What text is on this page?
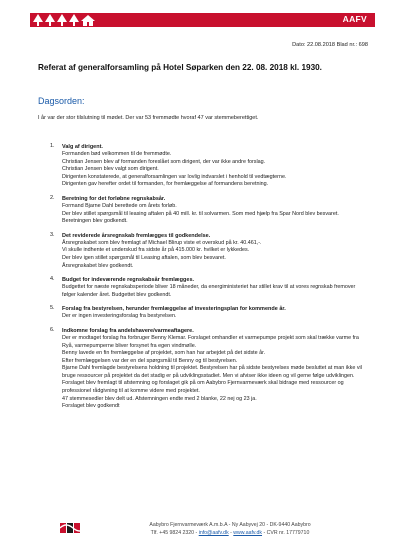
AAFV
Dato: 22.08.2018 Blad nr.: 698
Referat af generalforsamling på Hotel Søparken den 22. 08. 2018 kl. 1930.
Dagsorden:
I år var der stor tilslutning til mødet. Der var 53 fremmødte hvoraf 47 var stemmeberettiget.
1. Valg af dirigent.
Formanden bød velkommen til de fremmødte.
Christian Jensen blev af formanden foreslået som dirigent, der var ikke andre forslag.
Christian Jensen blev valgt som dirigent.
Dirigenten konstaterede, at generalforsamlingen var lovlig indvarslet i henhold til vedtægterne.
Dirigenten gav herefter ordet til formanden, for fremlæggelse af formandens beretning.
2. Beretning for det forløbne regnskabsår.
Formand Bjarne Dahl berettede om årets forløb.
Der blev stillet spørgsmål til leasing aftalen på 40 mill. kr. til solvarmen. Som med hjælp fra Spar Nord blev besvaret.
Beretningen blev godkendt.
3. Det reviderede årsregnskab fremlægges til godkendelse.
Årsregnskabet som blev fremlagt af Michael Blirup viste et overskud på kr. 40.461,-.
Vi skulle indhente et underskud fra sidste år på 415.000 kr. hvilket er lykkedes.
Der blev igen stillet spørgsmål til Leasing aftalen, som blev besvaret.
Årsregnskabet blev godkendt.
4. Budget for indeværende regnskabsår fremlægges.
Budgettet for næste regnskabsperiode bliver 18 måneder, da energiministeriet har stillet krav til at vores regnskab fremover følger kalender året. Budgettet blev godkendt.
5. Forslag fra bestyrelsen, herunder fremlæggelse af investeringsplan for kommende år.
Der er ingen investeringsforslag fra bestyrelsen.
6. Indkomne forslag fra andelshavere/varmeaftagere.
Der er modtaget forslag fra forbruger Benny Klemar. Forslaget omhandler et varmepumpe projekt som skal trække varme fra Ryå, varmepumperne bliver forsynet fra egen vindmølle.
Benny lavede en fin fremlæggelse af projektet, som han har arbejdet på det sidste år.
Efter fremlæggelsen var der en del spørgsmål til Benny og til bestyrelsen.
Bjarne Dahl fremlagde bestyrelsens holdning til projektet. Bestyrelsen har på sidste bestyrelses møde besluttet at man ikke vil bruge ressourcer på projektet da det stadig er på udviklingsstadiet. Men vi afviser ikke ideen og vil gerne følge udviklingen.
Forslaget blev fremlagt til afstemning og forslaget gik på om Aabybro Fjernvarmeværk skal bidrage med ressourcer og professionel rådgivning til at komme videre med projektet.
47 stemmesedler blev delt ud. Afstemningen endte med 2 blanke, 22 nej og 23 ja.
Forslaget blev godkendt
Aabybro Fjernvarmeværk A.m.b.A - Ny Aabyvej 20 - DK-9440 Aabybro
Tlf. +45 9824 2320 - info@aafv.dk - www.aafv.dk - CVR nr. 17779710
